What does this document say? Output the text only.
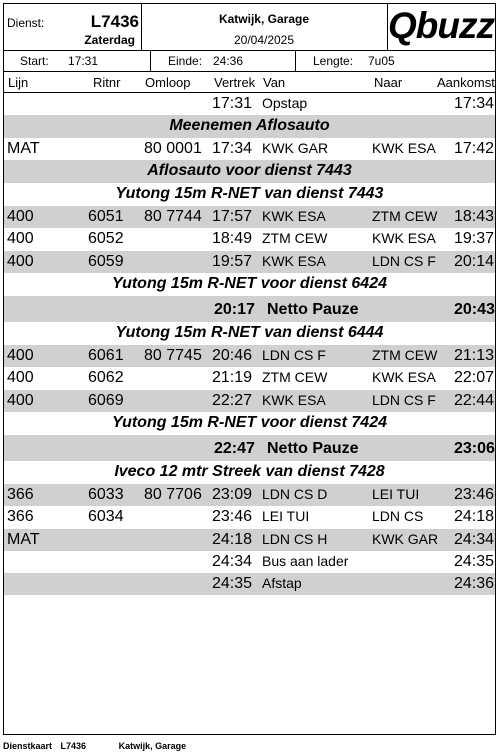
Dienst:	L7436
Zaterdag
Katwijk, Garage
20/04/2025	Qbuzz
Start: 17:31	Einde: 24:36	Lengte: 7u05
Lijn	Ritnr Omloop Vertrek Van	Naar	Aankomst
17:31 Opstap	17:34
Meenemen Aflosauto
MAT	80 0001 17:34 KWK GAR	KWK ESA 17:42
Aflosauto voor dienst 7443
Yutong 15m R-NET van dienst 7443
400	6051 80 7744 17:57 KWK ESA	ZTM CEW 18:43
400	6052	18:49 ZTM CEW	KWK ESA 19:37
400	6059	19:57 KWK ESA	LDN CS F 20:14
Yutong 15m R-NET voor dienst 6424
20:17 Netto Pauze	20:43
Yutong 15m R-NET van dienst 6444
400	6061 80 7745 20:46 LDN CS F	ZTM CEW 21:13
400	6062	21:19 ZTM CEW	KWK ESA 22:07
400	6069	22:27 KWK ESA	LDN CS F 22:44
Yutong 15m R-NET voor dienst 7424
22:47 Netto Pauze	23:06
Iveco 12 mtr Streek van dienst 7428
366	6033 80 7706 23:09 LDN CS D	LEI TUI 23:46
366	6034	23:46 LEI TUI	LDN CS 24:18
MAT	24:18 LDN CS H	KWK GAR 24:34
24:34 Bus aan lader	24:35
24:35 Afstap	24:36
Dienstkaart L7436	Katwijk, Garage
